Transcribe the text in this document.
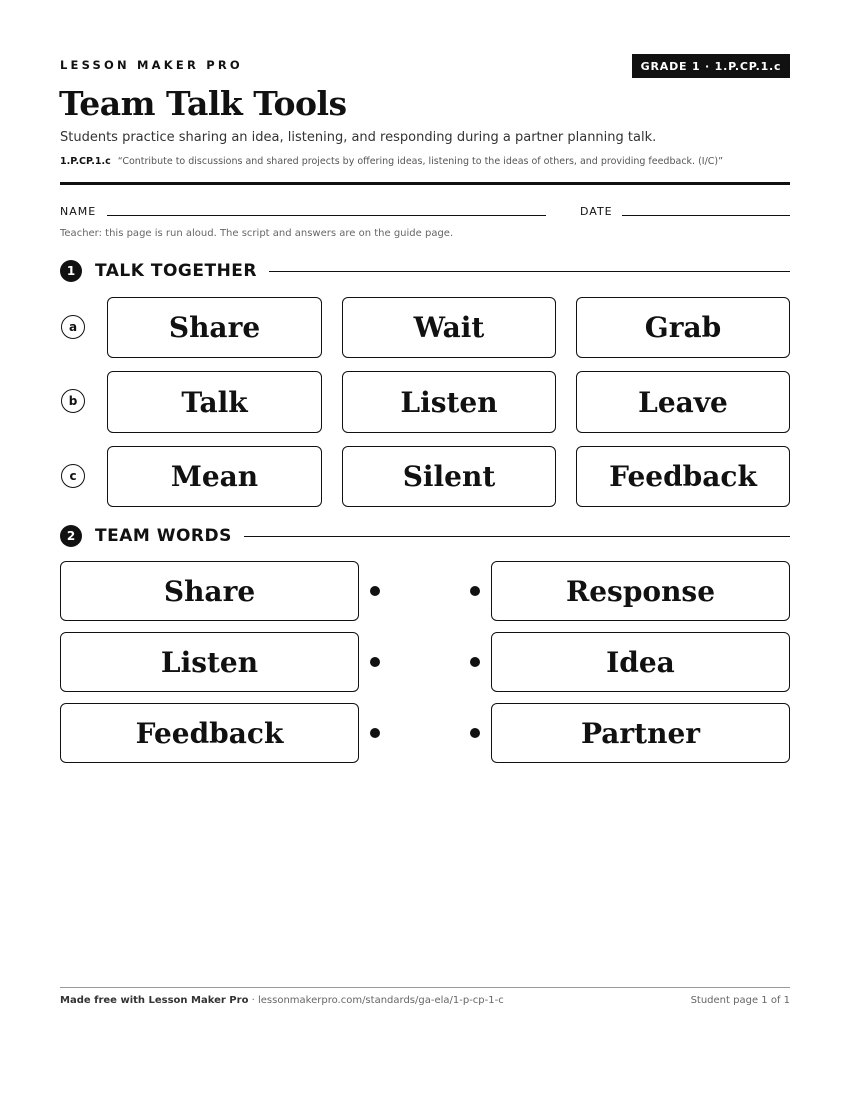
LESSON MAKER PRO	GRADE 1 · 1.P.CP.1.c
Team Talk Tools
Students practice sharing an idea, listening, and responding during a partner planning talk.
1.P.CP.1.c “Contribute to discussions and shared projects by offering ideas, listening to the ideas of others, and providing feedback. (I/C)”
NAME	DATE
Teacher: this page is run aloud. The script and answers are on the guide page.
1	TALK TOGETHER
a	Share	Wait	Grab
b	Talk	Listen	Leave
c	Mean	Silent	Feedback
2	TEAM WORDS
Share	Response
Listen	Idea
Feedback	Partner
Made free with Lesson Maker Pro · lessonmakerpro.com/standards/ga-ela/1-p-cp-1-c	Student page 1 of 1
